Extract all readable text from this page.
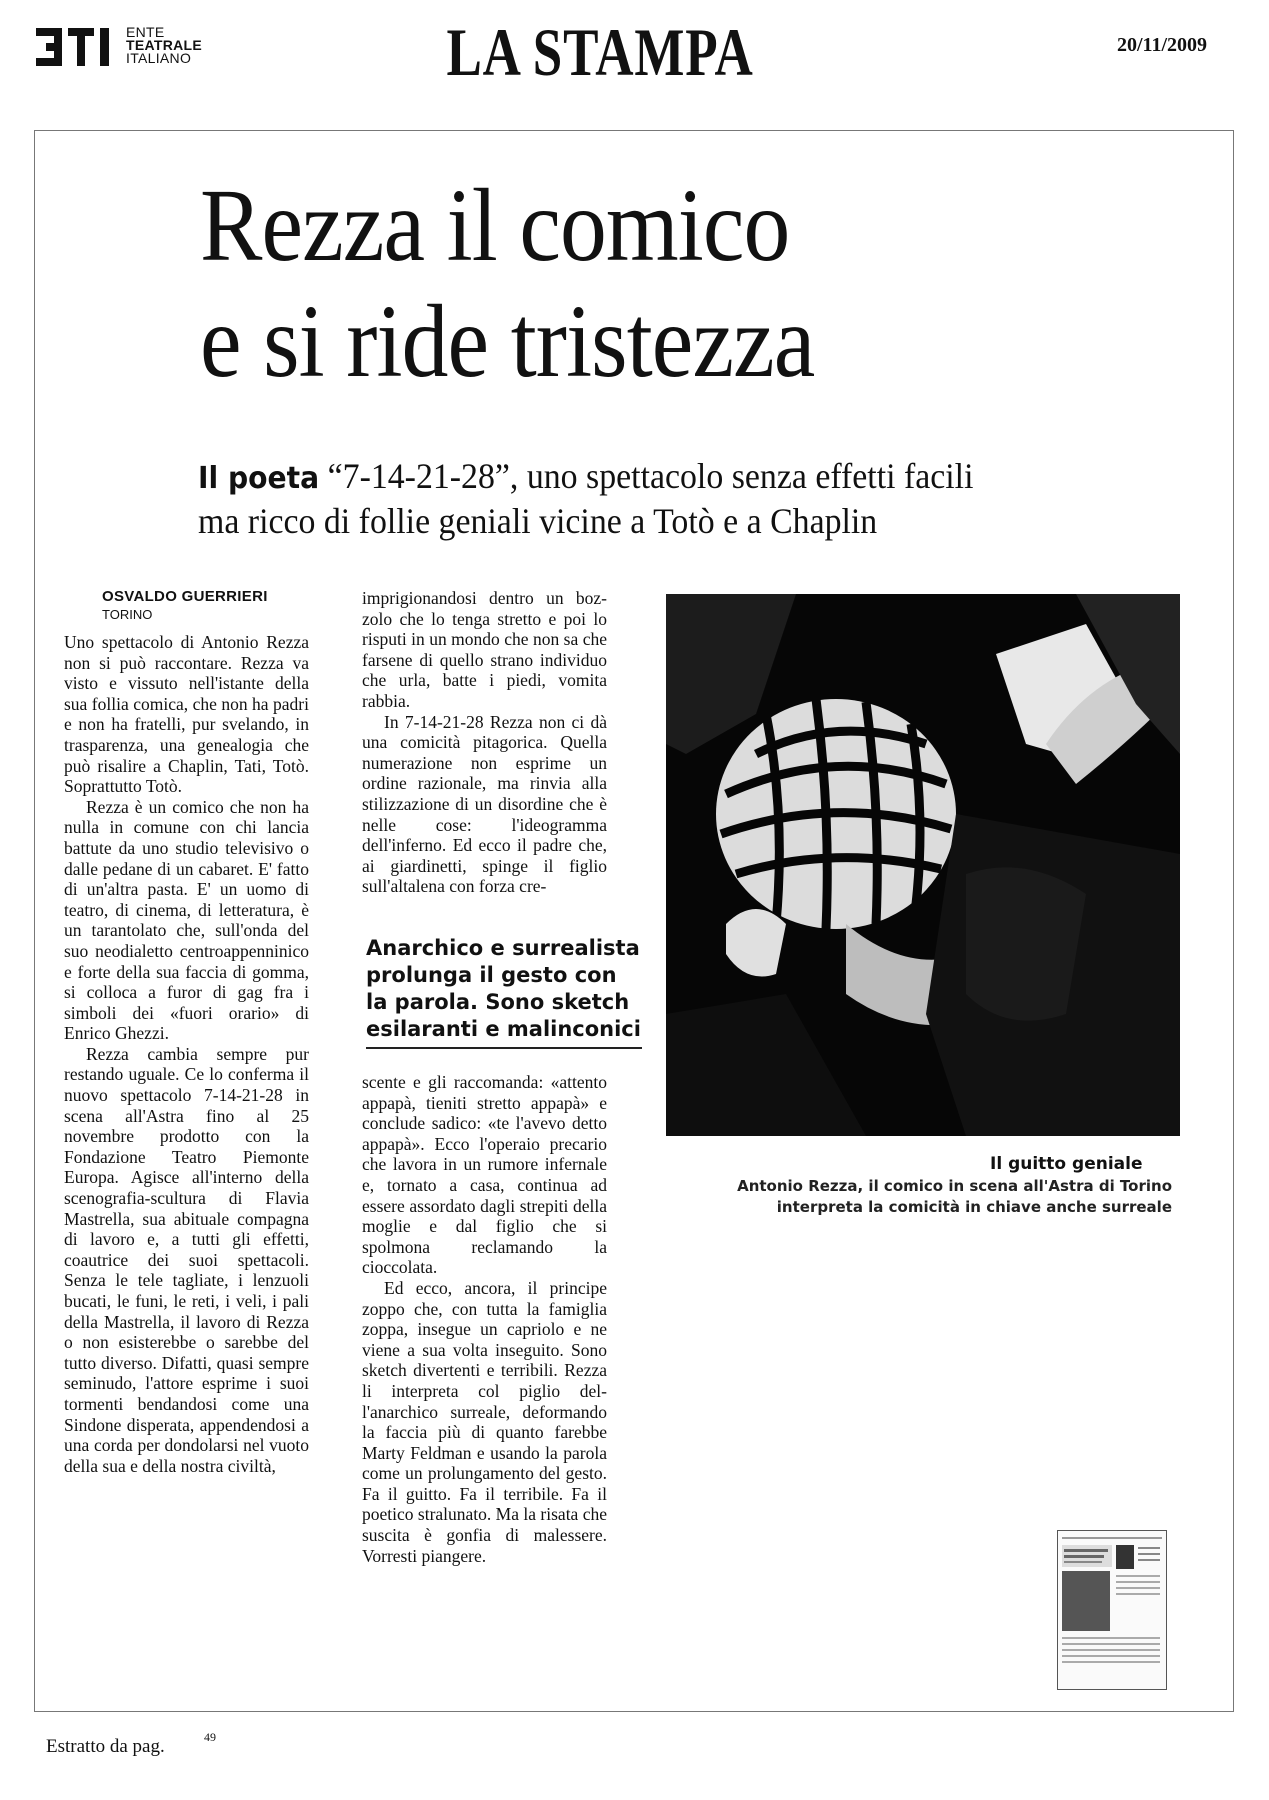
ENTE
TEATRALE
ITALIANO	LA STAMPA	20/11/2009
Rezza il comico
e si ride tristezza
Il poeta “7-14-21-28”, uno spettacolo senza effetti facili
ma ricco di follie geniali vicine a Totò e a Chaplin
OSVALDO GUERRIERI
TORINO

Uno spettacolo di Antonio Rezza non si può raccontare. Rezza va visto e vissuto nell'istante della sua follia comica, che non ha padri e non ha fratelli, pur svelando, in trasparenza, una genealogia che può risalire a Chaplin, Tati, Totò. Soprattutto Totò.

Rezza è un comico che non ha nulla in comune con chi lancia battute da uno studio televisivo o dalle pedane di un cabaret. E' fatto di un'altra pasta. E' un uomo di teatro, di cinema, di letteratura, è un tarantolato che, sull'onda del suo neodialetto centroappenninico e forte della sua faccia di gomma, si colloca a furor di gag fra i simboli dei «fuori orario» di Enrico Ghezzi.

Rezza cambia sempre pur restando uguale. Ce lo conferma il nuovo spettacolo 7-14-21-28 in scena all'Astra fino al 25 novembre prodotto con la Fondazione Teatro Piemonte Europa. Agisce all'interno della scenografia-scultura di Flavia Mastrella, sua abituale compagna di lavoro e, a tutti gli effetti, coautrice dei suoi spettacoli. Senza le tele tagliate, i lenzuoli bucati, le funi, le reti, i veli, i pali della Mastrella, il lavoro di Rezza o non esisterebbe o sarebbe del tutto diverso. Difatti, quasi sempre seminudo, l'attore esprime i suoi tormenti bendandosi come una Sindone disperata, appendendosi a una corda per dondolarsi nel vuoto della sua e della nostra civiltà,

imprigionandosi dentro un bozzolo che lo tenga stretto e poi lo risputi in un mondo che non sa che farsene di quello strano individuo che urla, batte i piedi, vomita rabbia.

In 7-14-21-28 Rezza non ci dà una comicità pitagorica. Quella numerazione non esprime un ordine razionale, ma rinvia alla stilizzazione di un disordine che è nelle cose: l'ideogramma dell'inferno. Ed ecco il padre che, ai giardinetti, spinge il figlio sull'altalena con forza cre-

Anarchico e surrealista prolunga il gesto con la parola. Sono sketch esilaranti e malinconici

scente e gli raccomanda: «attento appapà, tieniti stretto appapà» e conclude sadico: «te l'avevo detto appapà». Ecco l'operaio precario che lavora in un rumore infernale e, tornato a casa, continua ad essere assordato dagli strepiti della moglie e dal figlio che si spolmona reclamando la cioccolata.

Ed ecco, ancora, il principe zoppo che, con tutta la famiglia zoppa, insegue un capriolo e ne viene a sua volta inseguito. Sono sketch divertenti e terribili. Rezza li interpreta col piglio dell'anarchico surreale, deformando la faccia più di quanto farebbe Marty Feldman e usando la parola come un prolungamento del gesto. Fa il guitto. Fa il terribile. Fa il poetico stralunato. Ma la risata che suscita è gonfia di malessere. Vorresti piangere.

Il guitto geniale
Antonio Rezza, il comico in scena all'Astra di Torino
interpreta la comicità in chiave anche surreale
Estratto da pag.	49
